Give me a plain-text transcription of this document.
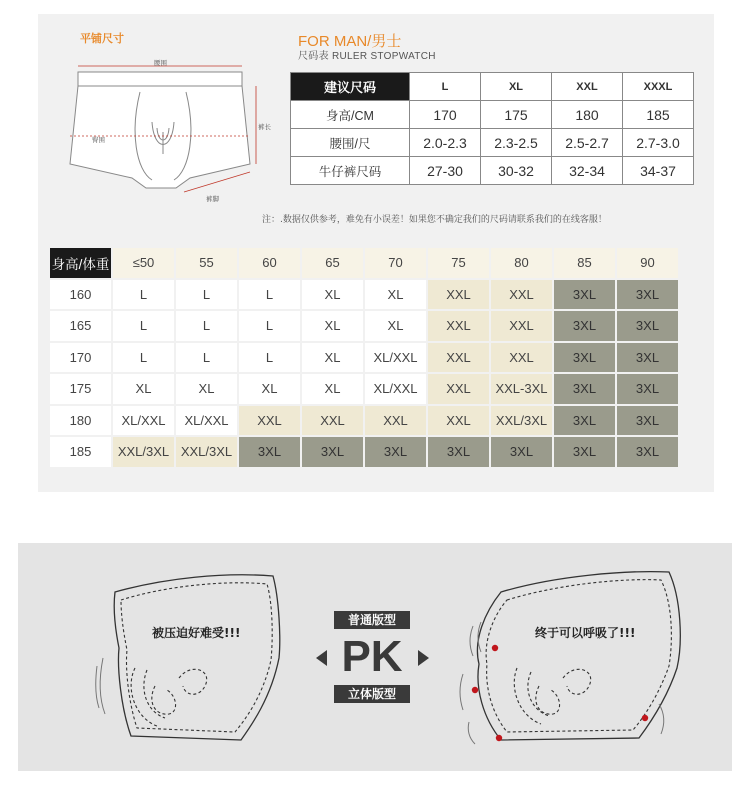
平铺尺寸	FOR MAN/男士
尺码表 RULER STOPWATCH
腰围
臀围
裤长
裤脚
建议尺码	L	XL	XXL	XXXL
身高/CM	170	175	180	185
腰围/尺	2.0-2.3	2.3-2.5	2.5-2.7	2.7-3.0
牛仔裤尺码	27-30	30-32	32-34	34-37
注：.数据仅供参考，难免有小误差！如果您不确定我们的尺码请联系我们的在线客服！
身高/体重	≤50	55	60	65	70	75	80	85	90
160	L	L	L	XL	XL	XXL	XXL	3XL	3XL
165	L	L	L	XL	XL	XXL	XXL	3XL	3XL
170	L	L	L	XL	XL/XXL	XXL	XXL	3XL	3XL
175	XL	XL	XL	XL	XL/XXL	XXL	XXL-3XL	3XL	3XL
180	XL/XXL	XL/XXL	XXL	XXL	XXL	XXL	XXL/3XL	3XL	3XL
185	XXL/3XL	XXL/3XL	3XL	3XL	3XL	3XL	3XL	3XL	3XL
被压迫好难受!!!
普通版型
PK
立体版型
终于可以呼吸了!!!
